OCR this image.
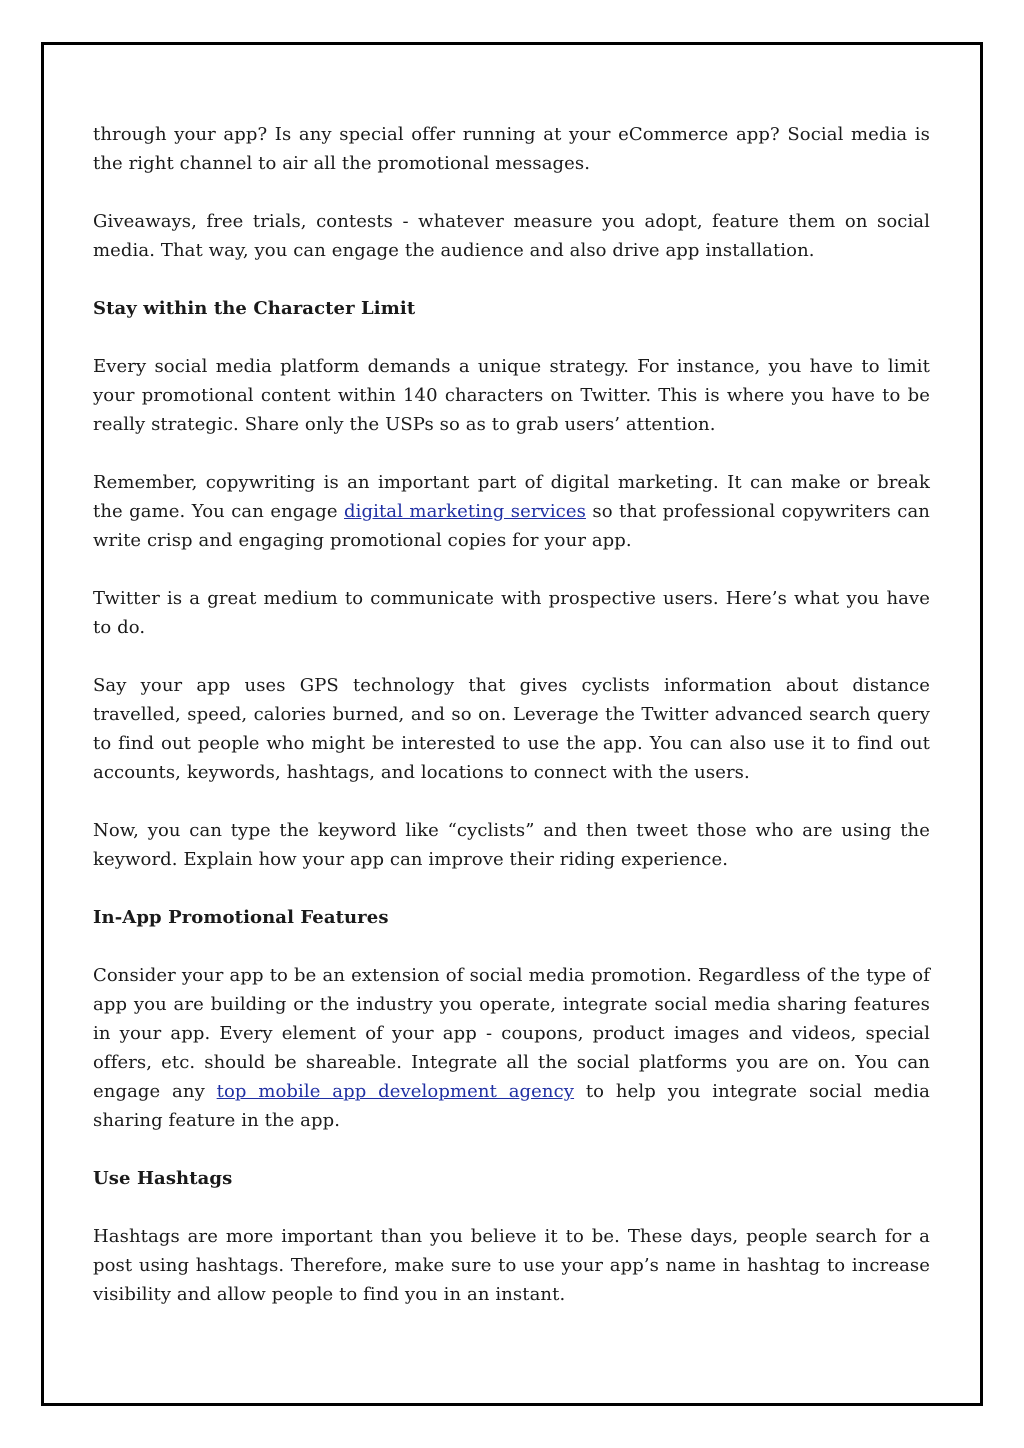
through your app? Is any special offer running at your eCommerce app? Social media is the right channel to air all the promotional messages.

Giveaways, free trials, contests - whatever measure you adopt, feature them on social media. That way, you can engage the audience and also drive app installation.

Stay within the Character Limit

Every social media platform demands a unique strategy. For instance, you have to limit your promotional content within 140 characters on Twitter. This is where you have to be really strategic. Share only the USPs so as to grab users’ attention.

Remember, copywriting is an important part of digital marketing. It can make or break the game. You can engage digital marketing services so that professional copywriters can write crisp and engaging promotional copies for your app.

Twitter is a great medium to communicate with prospective users. Here’s what you have to do.

Say your app uses GPS technology that gives cyclists information about distance travelled, speed, calories burned, and so on. Leverage the Twitter advanced search query to find out people who might be interested to use the app. You can also use it to find out accounts, keywords, hashtags, and locations to connect with the users.

Now, you can type the keyword like “cyclists” and then tweet those who are using the keyword. Explain how your app can improve their riding experience.

In-App Promotional Features

Consider your app to be an extension of social media promotion. Regardless of the type of app you are building or the industry you operate, integrate social media sharing features in your app. Every element of your app - coupons, product images and videos, special offers, etc. should be shareable. Integrate all the social platforms you are on. You can engage any top mobile app development agency to help you integrate social media sharing feature in the app.

Use Hashtags

Hashtags are more important than you believe it to be. These days, people search for a post using hashtags. Therefore, make sure to use your app’s name in hashtag to increase visibility and allow people to find you in an instant.
